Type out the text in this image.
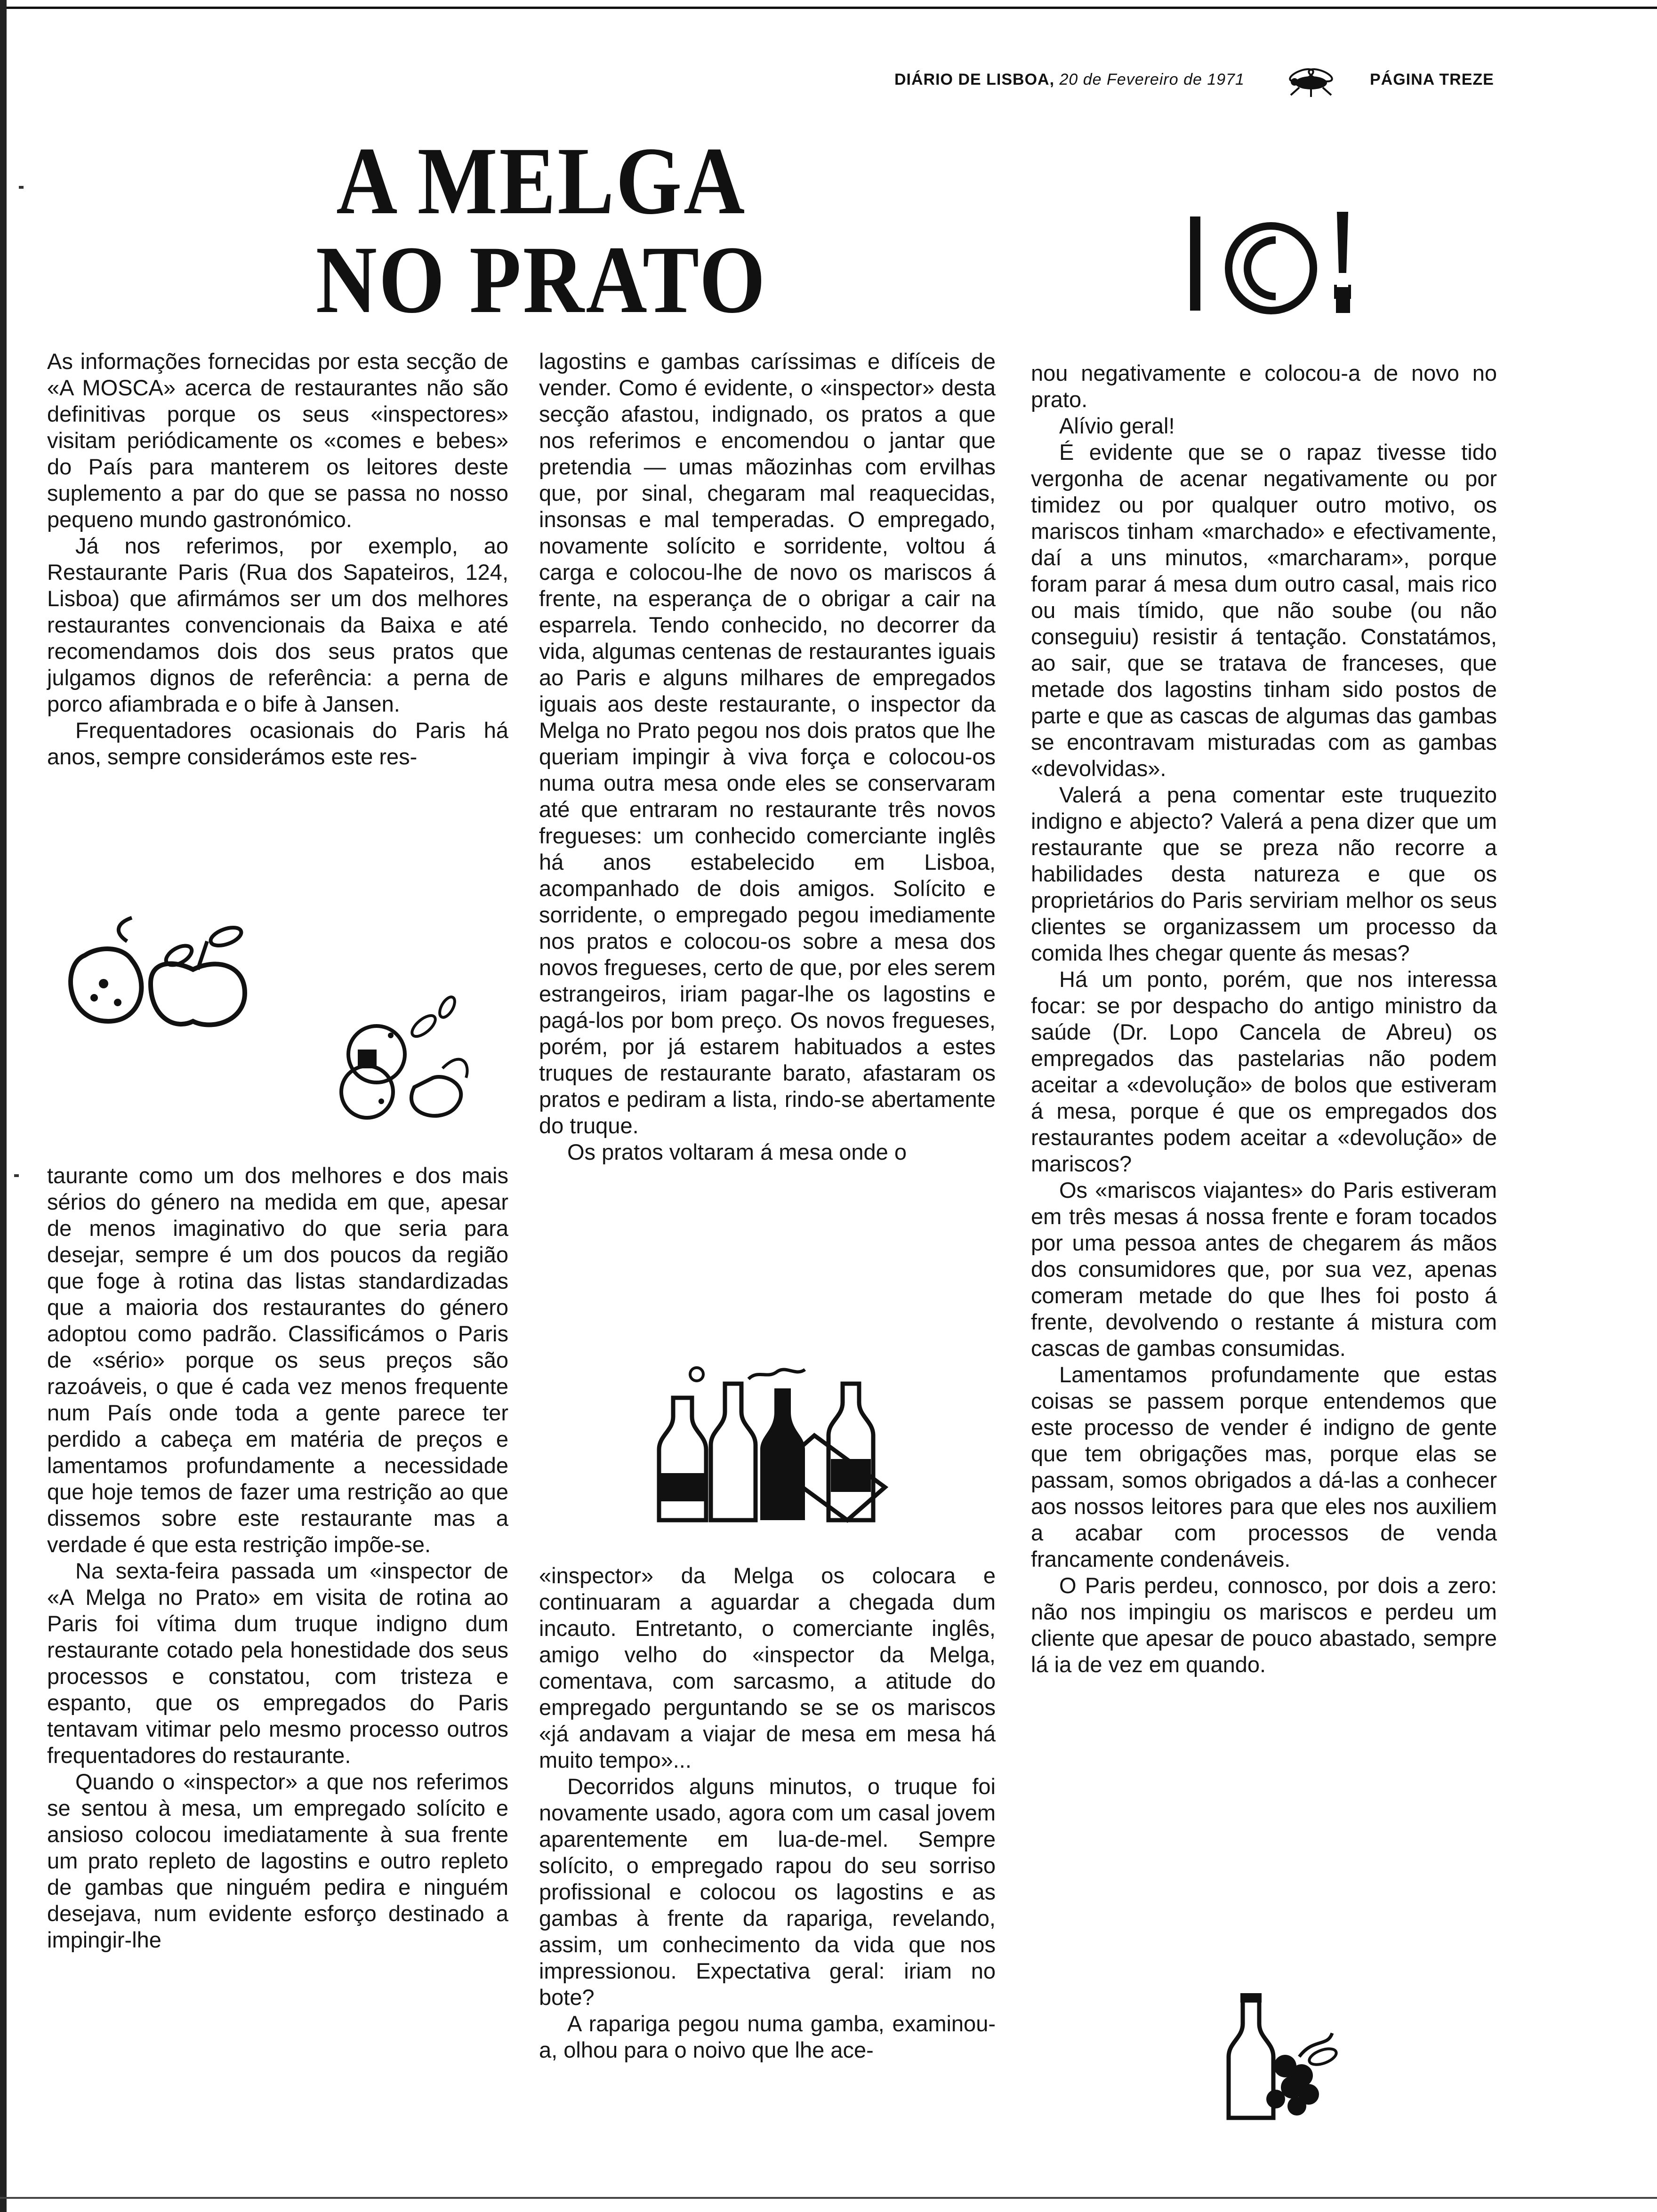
DIÁRIO DE LISBOA, 20 de Fevereiro de 1971	PÁGINA TREZE
A MELGA
NO PRATO

As informações fornecidas por esta secção de «A MOSCA» acerca de restaurantes não são definitivas porque os seus «inspectores» visitam periódicamente os «comes e bebes» do País para manterem os leitores deste suplemento a par do que se passa no nosso pequeno mundo gastronómico.

Já nos referimos, por exemplo, ao Restaurante Paris (Rua dos Sapateiros, 124, Lisboa) que afirmámos ser um dos melhores restaurantes convencionais da Baixa e até recomendamos dois dos seus pratos que julgamos dignos de referência: a perna de porco afiambrada e o bife à Jansen.

Frequentadores ocasionais do Paris há anos, sempre considerámos este res-

taurante como um dos melhores e dos mais sérios do género na medida em que, apesar de menos imaginativo do que seria para desejar, sempre é um dos poucos da região que foge à rotina das listas standardizadas que a maioria dos restaurantes do género adoptou como padrão. Classificámos o Paris de «sério» porque os seus preços são razoáveis, o que é cada vez menos frequente num País onde toda a gente parece ter perdido a cabeça em matéria de preços e lamentamos profundamente a necessidade que hoje temos de fazer uma restrição ao que dissemos sobre este restaurante mas a verdade é que esta restrição impõe-se.

Na sexta-feira passada um «inspector de «A Melga no Prato» em visita de rotina ao Paris foi vítima dum truque indigno dum restaurante cotado pela honestidade dos seus processos e constatou, com tristeza e espanto, que os empregados do Paris tentavam vitimar pelo mesmo processo outros frequentadores do restaurante.

Quando o «inspector» a que nos referimos se sentou à mesa, um empregado solícito e ansioso colocou imediatamente à sua frente um prato repleto de lagostins e outro repleto de gambas que ninguém pedira e ninguém desejava, num evidente esforço destinado a impingir-lhe

lagostins e gambas caríssimas e difíceis de vender. Como é evidente, o «inspector» desta secção afastou, indignado, os pratos a que nos referimos e encomendou o jantar que pretendia — umas mãozinhas com ervilhas que, por sinal, chegaram mal reaquecidas, insonsas e mal temperadas. O empregado, novamente solícito e sorridente, voltou á carga e colocou-lhe de novo os mariscos á frente, na esperança de o obrigar a cair na esparrela. Tendo conhecido, no decorrer da vida, algumas centenas de restaurantes iguais ao Paris e alguns milhares de empregados iguais aos deste restaurante, o inspector da Melga no Prato pegou nos dois pratos que lhe queriam impingir à viva força e colocou-os numa outra mesa onde eles se conservaram até que entraram no restaurante três novos fregueses: um conhecido comerciante inglês há anos estabelecido em Lisboa, acompanhado de dois amigos. Solícito e sorridente, o empregado pegou imediamente nos pratos e colocou-os sobre a mesa dos novos fregueses, certo de que, por eles serem estrangeiros, iriam pagar-lhe os lagostins e pagá-los por bom preço. Os novos fregueses, porém, por já estarem habituados a estes truques de restaurante barato, afastaram os pratos e pediram a lista, rindo-se abertamente do truque.

Os pratos voltaram á mesa onde o

«inspector» da Melga os colocara e continuaram a aguardar a chegada dum incauto. Entretanto, o comerciante inglês, amigo velho do «inspector da Melga, comentava, com sarcasmo, a atitude do empregado perguntando se se os mariscos «já andavam a viajar de mesa em mesa há muito tempo»...

Decorridos alguns minutos, o truque foi novamente usado, agora com um casal jovem aparentemente em lua-de-mel. Sempre solícito, o empregado rapou do seu sorriso profissional e colocou os lagostins e as gambas à frente da rapariga, revelando, assim, um conhecimento da vida que nos impressionou. Expectativa geral: iriam no bote?

A rapariga pegou numa gamba, examinou-a, olhou para o noivo que lhe ace-

nou negativamente e colocou-a de novo no prato.

Alívio geral!

É evidente que se o rapaz tivesse tido vergonha de acenar negativamente ou por timidez ou por qualquer outro motivo, os mariscos tinham «marchado» e efectivamente, daí a uns minutos, «marcharam», porque foram parar á mesa dum outro casal, mais rico ou mais tímido, que não soube (ou não conseguiu) resistir á tentação. Constatámos, ao sair, que se tratava de franceses, que metade dos lagostins tinham sido postos de parte e que as cascas de algumas das gambas se encontravam misturadas com as gambas «devolvidas».

Valerá a pena comentar este truquezito indigno e abjecto? Valerá a pena dizer que um restaurante que se preza não recorre a habilidades desta natureza e que os proprietários do Paris serviriam melhor os seus clientes se organizassem um processo da comida lhes chegar quente ás mesas?

Há um ponto, porém, que nos interessa focar: se por despacho do antigo ministro da saúde (Dr. Lopo Cancela de Abreu) os empregados das pastelarias não podem aceitar a «devolução» de bolos que estiveram á mesa, porque é que os empregados dos restaurantes podem aceitar a «devolução» de mariscos?

Os «mariscos viajantes» do Paris estiveram em três mesas á nossa frente e foram tocados por uma pessoa antes de chegarem ás mãos dos consumidores que, por sua vez, apenas comeram metade do que lhes foi posto á frente, devolvendo o restante á mistura com cascas de gambas consumidas.

Lamentamos profundamente que estas coisas se passem porque entendemos que este processo de vender é indigno de gente que tem obrigações mas, porque elas se passam, somos obrigados a dá-las a conhecer aos nossos leitores para que eles nos auxiliem a acabar com processos de venda francamente condenáveis.

O Paris perdeu, connosco, por dois a zero: não nos impingiu os mariscos e perdeu um cliente que apesar de pouco abastado, sempre lá ia de vez em quando.
